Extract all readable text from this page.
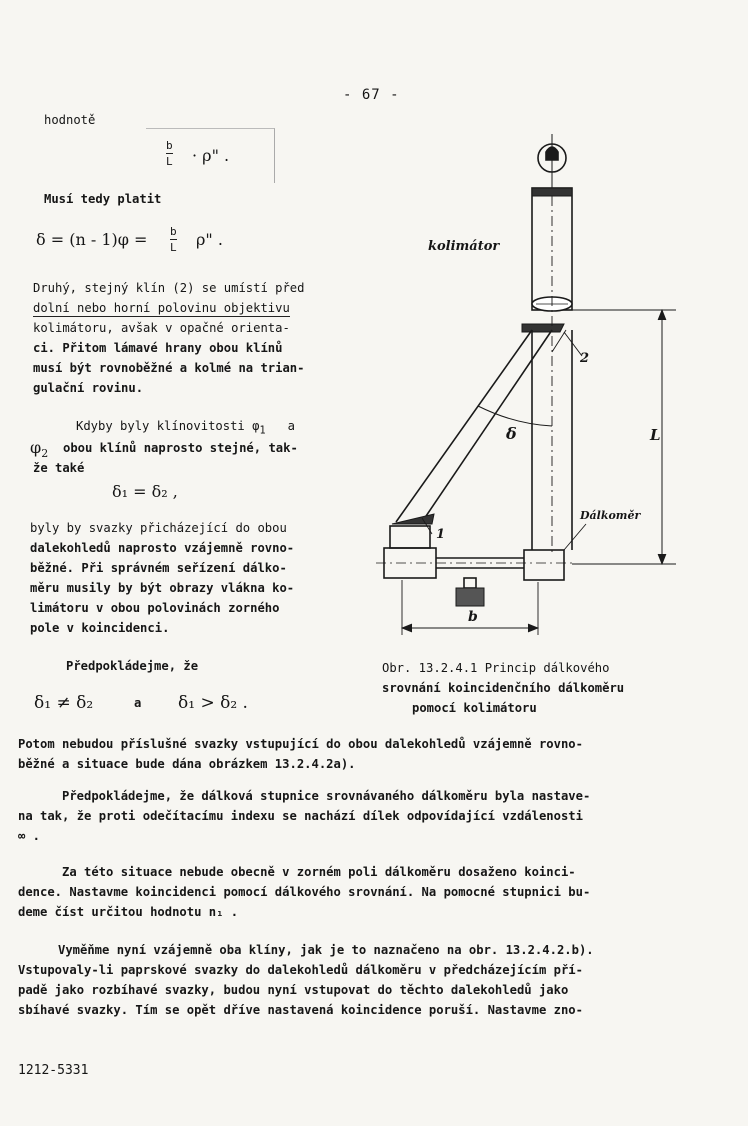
- 67 -
hodnotě
b
L · ρ" .
Musí tedy platit
δ = (n - 1)φ = b
L ρ" .
Druhý, stejný klín (2) se umístí před
dolní nebo horní polovinu objektivu
kolimátoru, avšak v opačné orienta-
ci. Přitom lámavé hrany obou klínů
musí být rovnoběžné a kolmé na trian-
gulační rovinu.
Kdyby byly klínovitosti $\varphi_1$ a
$\varphi_2$ obou klínů naprosto stejné, tak-
že také
δ₁ = δ₂ ,
byly by svazky přicházející do obou
dalekohledů naprosto vzájemně rovno-
běžné. Při správném seřízení dálko-
měru musily by být obrazy vlákna ko-
limátoru v obou polovinách zorného
pole v koincidenci.
Předpokládejme, že
δ₁ ≠ δ₂	a δ₁ > δ₂ .
kolimátor
2
δ	L
Dálkoměr
1
b
Obr. 13.2.4.1 Princip dálkového
srovnání koincidenčního dálkoměru
pomocí kolimátoru
Potom nebudou příslušné svazky vstupující do obou dalekohledů vzájemně rovno-
běžné a situace bude dána obrázkem 13.2.4.2a).
Předpokládejme, že dálková stupnice srovnávaného dálkoměru byla nastave-
na tak, že proti odečítacímu indexu se nachází dílek odpovídající vzdálenosti
∞ .
Za této situace nebude obecně v zorném poli dálkoměru dosaženo koinci-
dence. Nastavme koincidenci pomocí dálkového srovnání. Na pomocné stupnici bu-
deme číst určitou hodnotu n₁ .
Vyměňme nyní vzájemně oba klíny, jak je to naznačeno na obr. 13.2.4.2.b).
Vstupovaly-li paprskové svazky do dalekohledů dálkoměru v předcházejícím pří-
padě jako rozbíhavé svazky, budou nyní vstupovat do těchto dalekohledů jako
sbíhavé svazky. Tím se opět dříve nastavená koincidence poruší. Nastavme zno-
1212-5331
